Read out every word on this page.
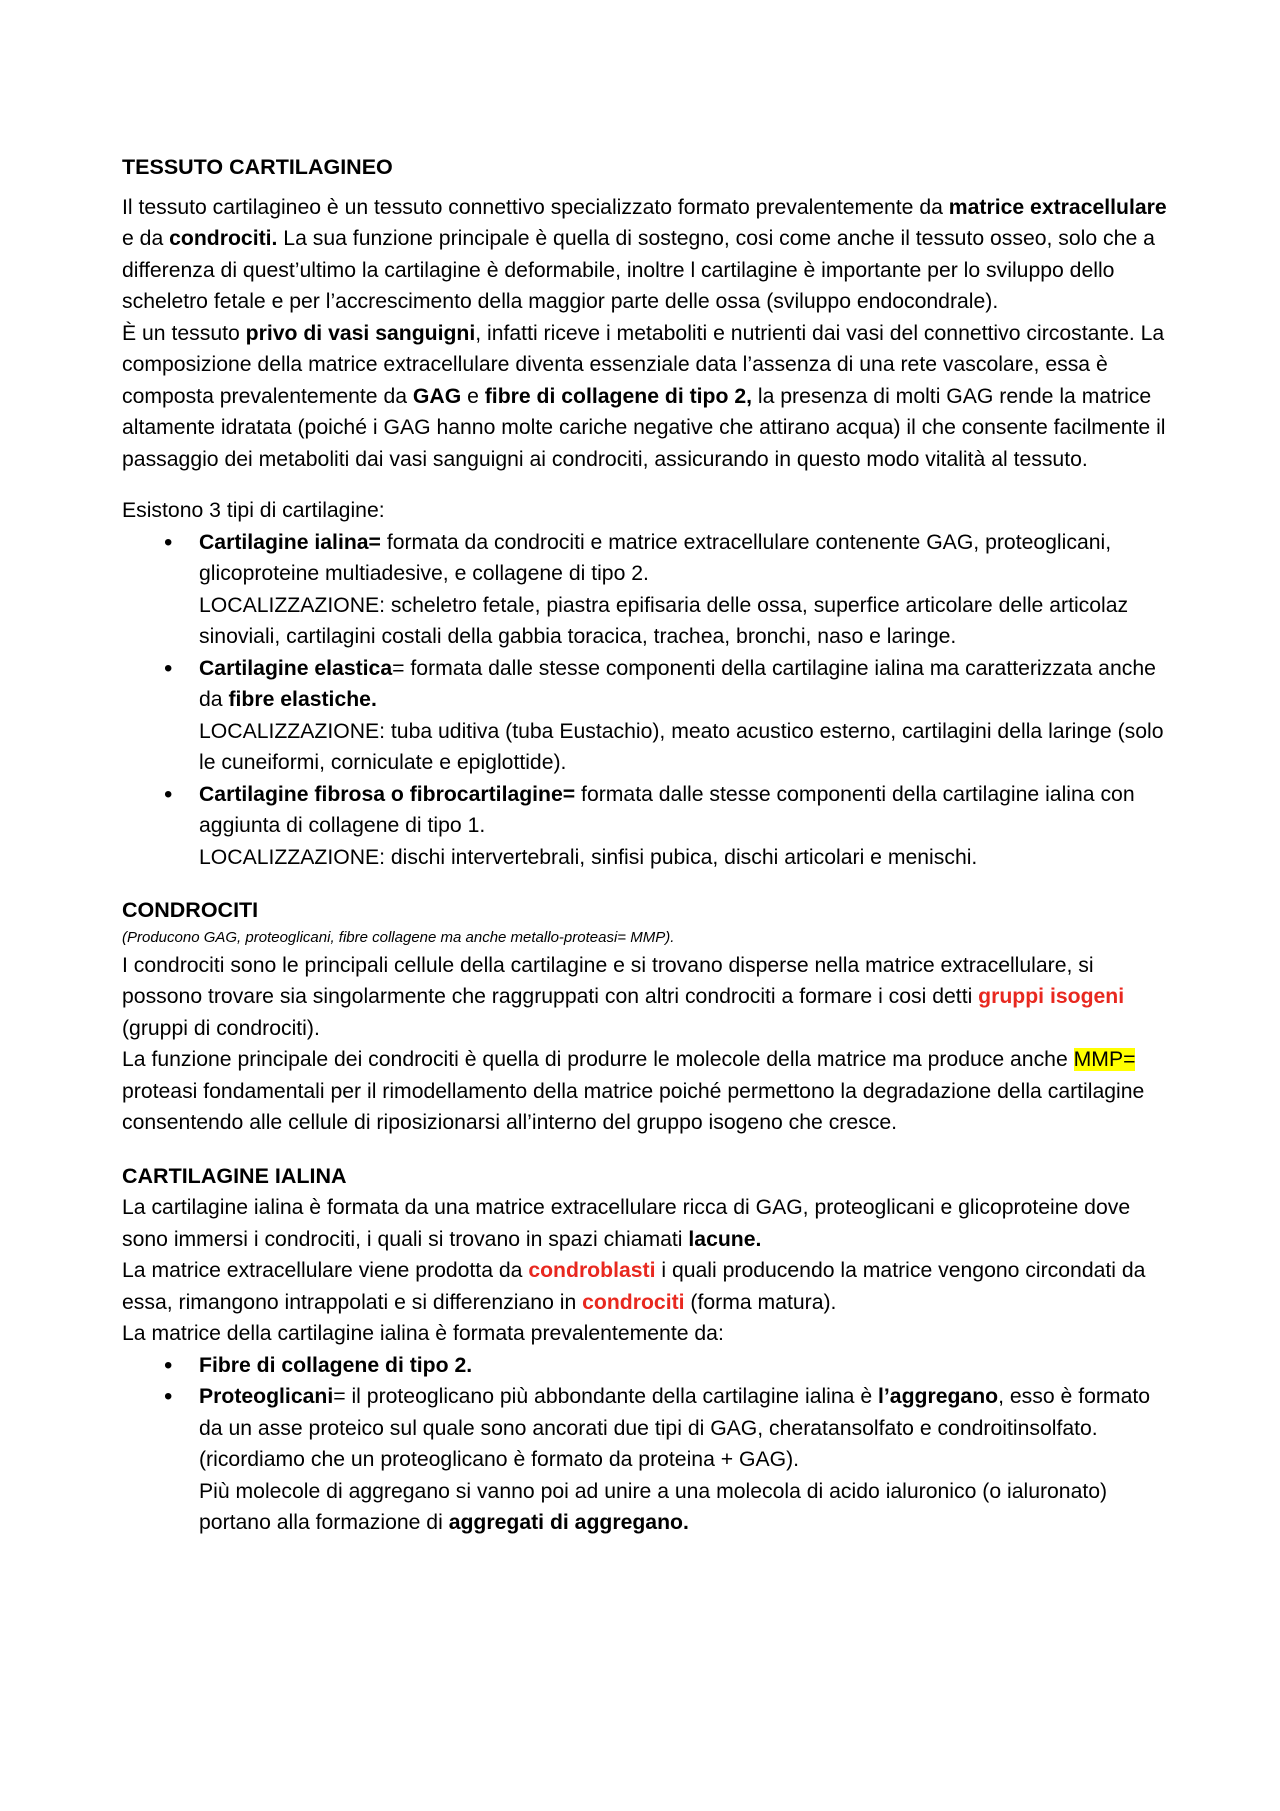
TESSUTO CARTILAGINEO

Il tessuto cartilagineo è un tessuto connettivo specializzato formato prevalentemente da matrice extracellulare e da condrociti. La sua funzione principale è quella di sostegno, cosi come anche il tessuto osseo, solo che a differenza di quest’ultimo la cartilagine è deformabile, inoltre l cartilagine è importante per lo sviluppo dello scheletro fetale e per l’accrescimento della maggior parte delle ossa (sviluppo endocondrale).

È un tessuto privo di vasi sanguigni, infatti riceve i metaboliti e nutrienti dai vasi del connettivo circostante. La composizione della matrice extracellulare diventa essenziale data l’assenza di una rete vascolare, essa è composta prevalentemente da GAG e fibre di collagene di tipo 2, la presenza di molti GAG rende la matrice altamente idratata (poiché i GAG hanno molte cariche negative che attirano acqua) il che consente facilmente il passaggio dei metaboliti dai vasi sanguigni ai condrociti, assicurando in questo modo vitalità al tessuto.

Esistono 3 tipi di cartilagine:

• Cartilagine ialina= formata da condrociti e matrice extracellulare contenente GAG, proteoglicani, glicoproteine multiadesive, e collagene di tipo 2.
LOCALIZZAZIONE: scheletro fetale, piastra epifisaria delle ossa, superfice articolare delle articolaz sinoviali, cartilagini costali della gabbia toracica, trachea, bronchi, naso e laringe.
• Cartilagine elastica= formata dalle stesse componenti della cartilagine ialina ma caratterizzata anche da fibre elastiche.
LOCALIZZAZIONE: tuba uditiva (tuba Eustachio), meato acustico esterno, cartilagini della laringe (solo le cuneiformi, corniculate e epiglottide).
• Cartilagine fibrosa o fibrocartilagine= formata dalle stesse componenti della cartilagine ialina con aggiunta di collagene di tipo 1.
LOCALIZZAZIONE: dischi intervertebrali, sinfisi pubica, dischi articolari e menischi.
CONDROCITI

(Producono GAG, proteoglicani, fibre collagene ma anche metallo-proteasi= MMP).

I condrociti sono le principali cellule della cartilagine e si trovano disperse nella matrice extracellulare, si possono trovare sia singolarmente che raggruppati con altri condrociti a formare i cosi detti gruppi isogeni (gruppi di condrociti).

La funzione principale dei condrociti è quella di produrre le molecole della matrice ma produce anche MMP= proteasi fondamentali per il rimodellamento della matrice poiché permettono la degradazione della cartilagine consentendo alle cellule di riposizionarsi all’interno del gruppo isogeno che cresce.

CARTILAGINE IALINA

La cartilagine ialina è formata da una matrice extracellulare ricca di GAG, proteoglicani e glicoproteine dove sono immersi i condrociti, i quali si trovano in spazi chiamati lacune.

La matrice extracellulare viene prodotta da condroblasti i quali producendo la matrice vengono circondati da essa, rimangono intrappolati e si differenziano in condrociti (forma matura).

La matrice della cartilagine ialina è formata prevalentemente da:

• Fibre di collagene di tipo 2.
• Proteoglicani= il proteoglicano più abbondante della cartilagine ialina è l’aggregano, esso è formato da un asse proteico sul quale sono ancorati due tipi di GAG, cheratansolfato e condroitinsolfato. (ricordiamo che un proteoglicano è formato da proteina + GAG).
Più molecole di aggregano si vanno poi ad unire a una molecola di acido ialuronico (o ialuronato) portano alla formazione di aggregati di aggregano.
